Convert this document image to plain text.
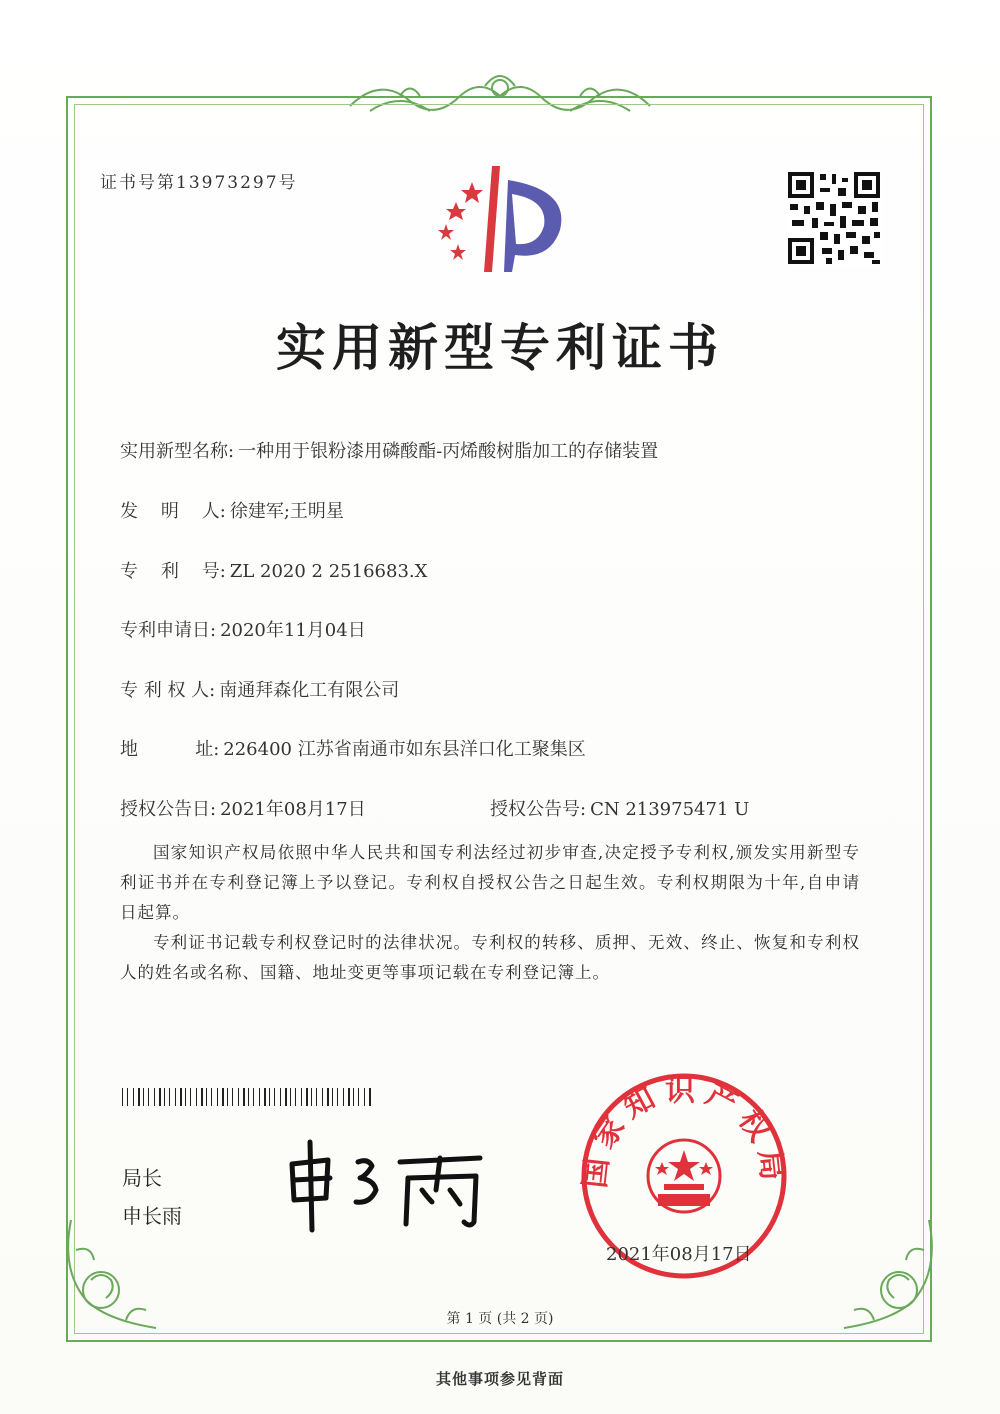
证书号第13973297号
实用新型专利证书
实用新型名称: 一种用于银粉漆用磷酸酯-丙烯酸树脂加工的存储装置
发    明    人: 徐建军;王明星
专    利    号: ZL 2020 2 2516683.X
专利申请日: 2020年11月04日
专 利 权 人: 南通拜森化工有限公司
地          址: 226400 江苏省南通市如东县洋口化工聚集区
授权公告日: 2021年08月17日	授权公告号: CN 213975471 U

国家知识产权局依照中华人民共和国专利法经过初步审查,决定授予专利权,颁发实用新型专利证书并在专利登记簿上予以登记。专利权自授权公告之日起生效。专利权期限为十年,自申请日起算。

专利证书记载专利权登记时的法律状况。专利权的转移、质押、无效、终止、恢复和专利权人的姓名或名称、国籍、地址变更等事项记载在专利登记簿上。

局长
申长雨
国家知识产权局
2021年08月17日
第 1 页 (共 2 页)
其他事项参见背面
